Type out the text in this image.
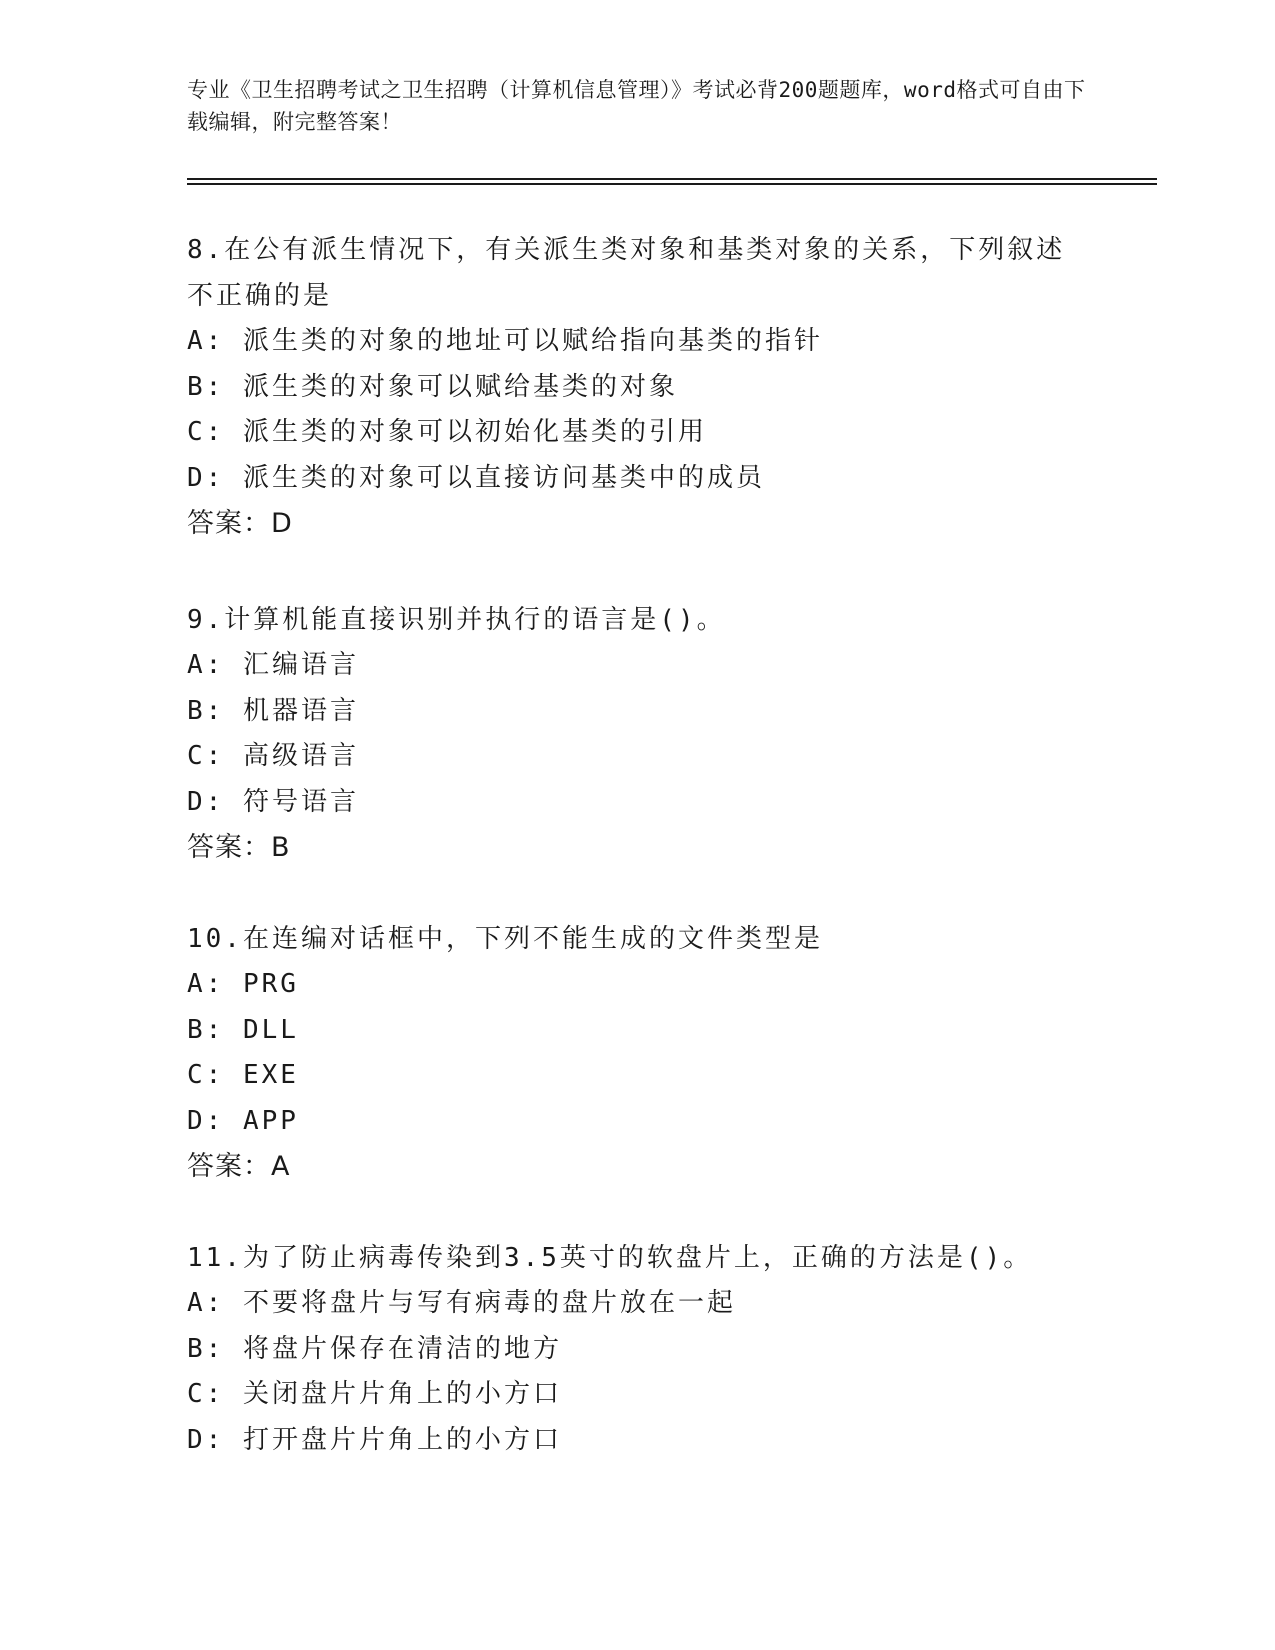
专业《卫生招聘考试之卫生招聘（计算机信息管理）》考试必背200题题库，word格式可自由下载编辑，附完整答案！
8.在公有派生情况下，有关派生类对象和基类对象的关系，下列叙述不正确的是
A: 派生类的对象的地址可以赋给指向基类的指针
B: 派生类的对象可以赋给基类的对象
C: 派生类的对象可以初始化基类的引用
D: 派生类的对象可以直接访问基类中的成员
答案：D
9.计算机能直接识别并执行的语言是()。
A: 汇编语言
B: 机器语言
C: 高级语言
D: 符号语言
答案：B
10.在连编对话框中，下列不能生成的文件类型是
A: PRG
B: DLL
C: EXE
D: APP
答案：A
11.为了防止病毒传染到3.5英寸的软盘片上，正确的方法是()。
A: 不要将盘片与写有病毒的盘片放在一起
B: 将盘片保存在清洁的地方
C: 关闭盘片片角上的小方口
D: 打开盘片片角上的小方口
